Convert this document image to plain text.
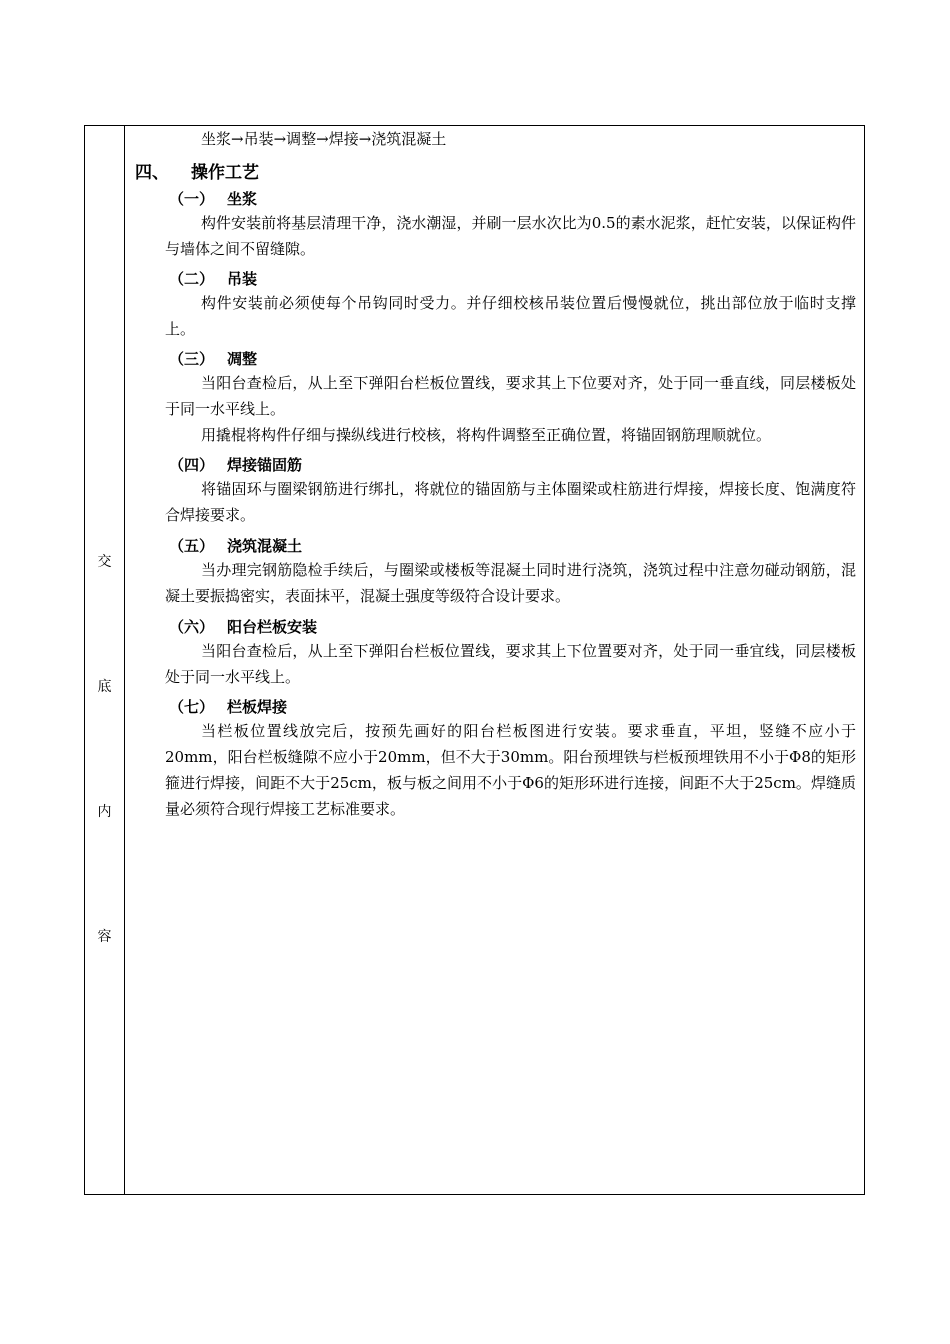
交
底
内
容
坐浆→吊装→调整→焊接→浇筑混凝土
四、 操作工艺
（一） 坐浆
构件安装前将基层清理干净，浇水潮湿，并刷一层水次比为0.5的素水泥浆，赶忙安装，以保证构件与墙体之间不留缝隙。
（二） 吊装
构件安装前必须使每个吊钩同时受力。并仔细校核吊装位置后慢慢就位，挑出部位放于临时支撑上。
（三） 凋整
当阳台查检后，从上至下弹阳台栏板位置线，要求其上下位要对齐，处于同一垂直线，同层楼板处于同一水平线上。
用撬棍将构件仔细与操纵线进行校核，将构件调整至正确位置，将锚固钢筋理顺就位。
（四） 焊接锚固筋
将锚固环与圈梁钢筋进行绑扎，将就位的锚固筋与主体圈梁或柱筋进行焊接，焊接长度、饱满度符合焊接要求。
（五） 浇筑混凝土
当办理完钢筋隐检手续后，与圈梁或楼板等混凝土同时进行浇筑，浇筑过程中注意勿碰动钢筋，混凝土要振捣密实，表面抹平，混凝土强度等级符合设计要求。
（六） 阳台栏板安装
当阳台查检后，从上至下弹阳台栏板位置线，要求其上下位置要对齐，处于同一垂宜线，同层楼板处于同一水平线上。
（七） 栏板焊接
当栏板位置线放完后，按预先画好的阳台栏板图进行安装。要求垂直，平坦，竖缝不应小于20mm，阳台栏板缝隙不应小于20mm，但不大于30mm。阳台预埋铁与栏板预埋铁用不小于Φ8的矩形箍进行焊接，间距不大于25cm，板与板之间用不小于Φ6的矩形环进行连接，间距不大于25cm。焊缝质量必须符合现行焊接工艺标准要求。
